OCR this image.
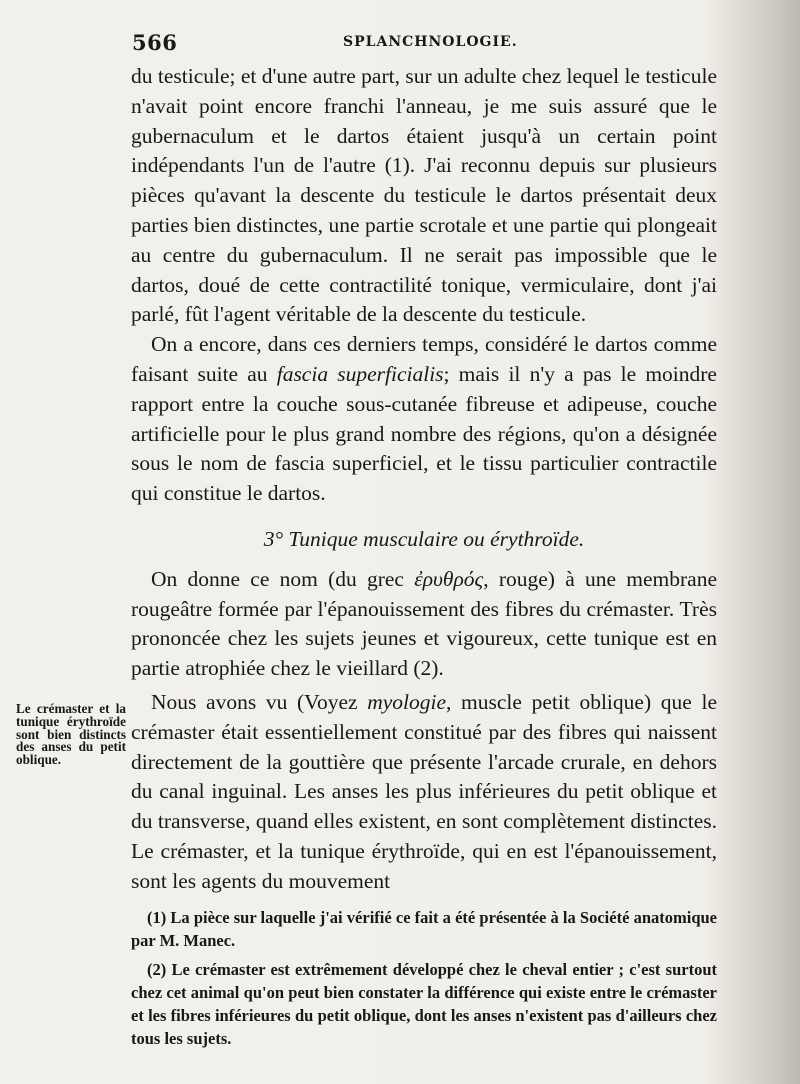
566	SPLANCHNOLOGIE.

du testicule; et d'une autre part, sur un adulte chez lequel le testicule n'avait point encore franchi l'anneau, je me suis assuré que le gubernaculum et le dartos étaient jusqu'à un certain point indépendants l'un de l'autre (1). J'ai reconnu depuis sur plusieurs pièces qu'avant la descente du testicule le dartos présentait deux parties bien distinctes, une partie scrotale et une partie qui plongeait au centre du gubernaculum. Il ne serait pas impossible que le dartos, doué de cette contractilité tonique, vermiculaire, dont j'ai parlé, fût l'agent véritable de la descente du testicule.

On a encore, dans ces derniers temps, considéré le dartos comme faisant suite au fascia superficialis; mais il n'y a pas le moindre rapport entre la couche sous-cutanée fibreuse et adipeuse, couche artificielle pour le plus grand nombre des régions, qu'on a désignée sous le nom de fascia superficiel, et le tissu particulier contractile qui constitue le dartos.

3° Tunique musculaire ou érythroïde.

On donne ce nom (du grec ἐρυθρός, rouge) à une membrane rougeâtre formée par l'épanouissement des fibres du crémaster. Très prononcée chez les sujets jeunes et vigoureux, cette tunique est en partie atrophiée chez le vieillard (2).

Nous avons vu (Voyez myologie, muscle petit oblique) que le crémaster était essentiellement constitué par des fibres qui naissent directement de la gouttière que présente l'arcade crurale, en dehors du canal inguinal. Les anses les plus inférieures du petit oblique et du transverse, quand elles existent, en sont complètement distinctes. Le crémaster, et la tunique érythroïde, qui en est l'épanouissement, sont les agents du mouvement

Le crémaster et la tunique érythroïde sont bien distincts des anses du petit oblique.

(1) La pièce sur laquelle j'ai vérifié ce fait a été présentée à la Société anatomique par M. Manec.

(2) Le crémaster est extrêmement développé chez le cheval entier ; c'est surtout chez cet animal qu'on peut bien constater la différence qui existe entre le crémaster et les fibres inférieures du petit oblique, dont les anses n'existent pas d'ailleurs chez tous les sujets.
